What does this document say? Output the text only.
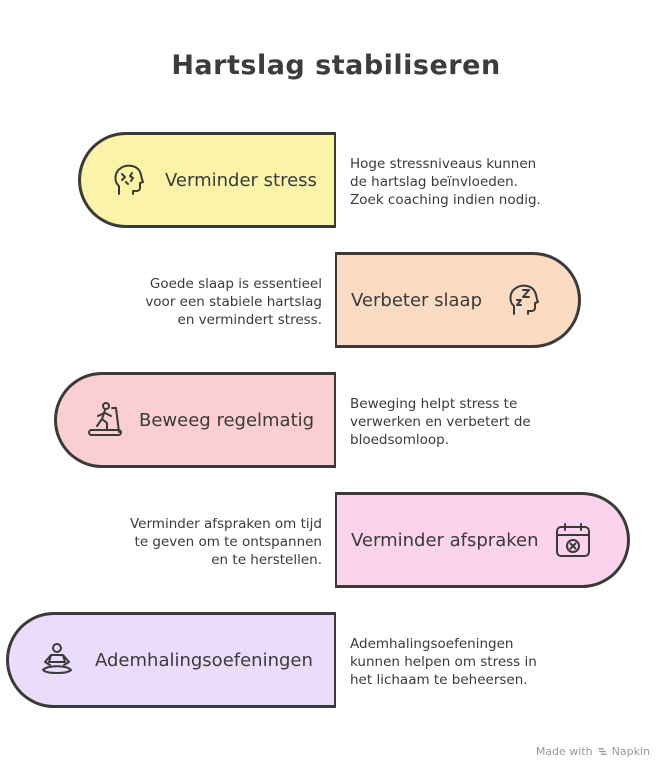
Hartslag stabiliseren
Verminder stress
Hoge stressniveaus kunnen
de hartslag beïnvloeden.
Zoek coaching indien nodig.
Verbeter slaap
Goede slaap is essentieel
voor een stabiele hartslag
en vermindert stress.
Beweeg regelmatig
Beweging helpt stress te
verwerken en verbetert de
bloedsomloop.
Verminder afspraken
Verminder afspraken om tijd
te geven om te ontspannen
en te herstellen.
Ademhalingsoefeningen
Ademhalingsoefeningen
kunnen helpen om stress in
het lichaam te beheersen.
Made with Napkin
